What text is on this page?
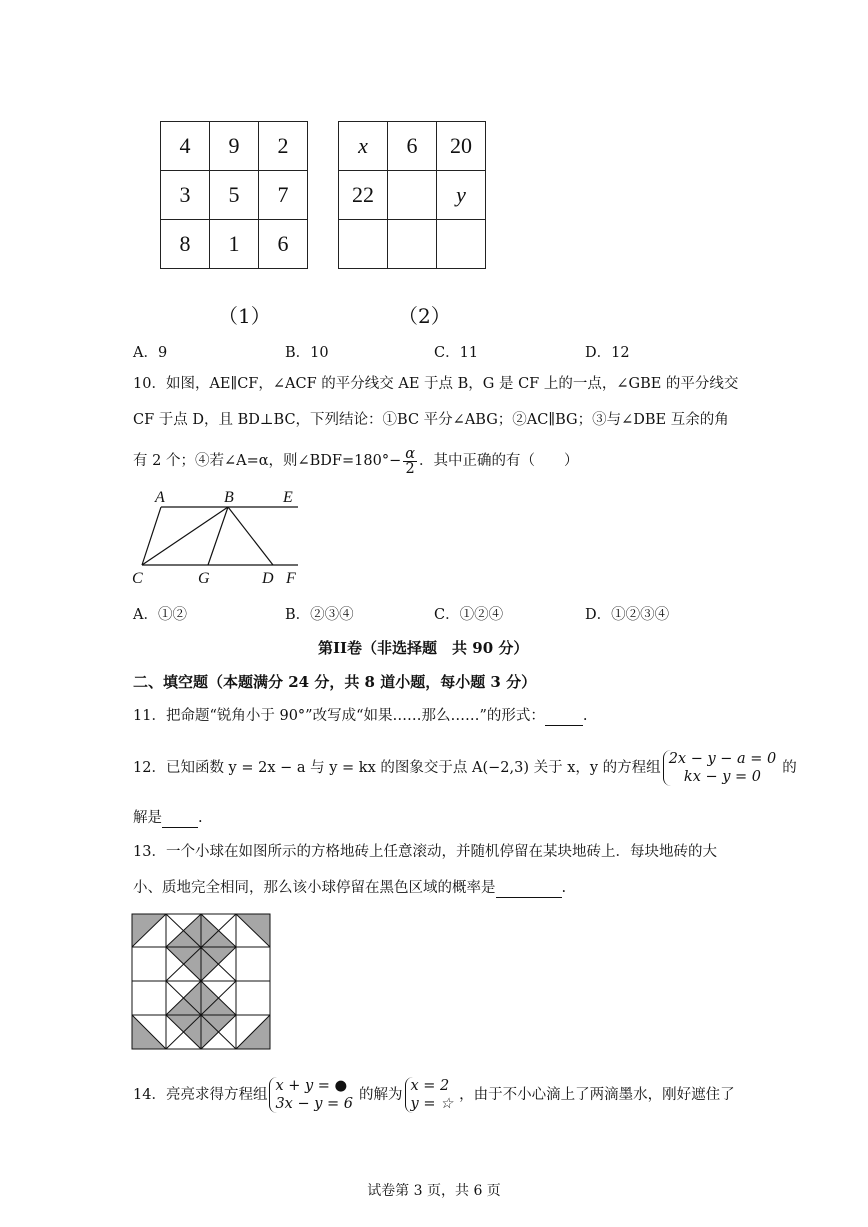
4	9	2
3	5	7
8	1	6
（1）
x	6	20
22		y

（2）
A．9	B．10	C．11	D．12
10．如图，AE∥CF，∠ACF 的平分线交 AE 于点 B，G 是 CF 上的一点，∠GBE 的平分线交
CF 于点 D，且 BD⊥BC，下列结论：①BC 平分∠ABG；②AC∥BG；③与∠DBE 互余的角
有 2 个；④若∠A=α，则∠BDF=180°− $\frac{\alpha}{2}$ ．其中正确的有（　　）
A	B	E
C	G	D F
A．①②	B．②③④	C．①②④	D．①②③④
第II卷（非选择题　共 90 分）
二、填空题（本题满分 24 分，共 8 道小题，每小题 3 分）
11．把命题“锐角小于 90°”改写成“如果……那么……”的形式：	.
12．已知函数 y = 2x − a 与 y = kx 的图象交于点 A(−2,3) 关于 x，y 的方程组
2x − y − a = 0
kx − y = 0
的
解是 .
13．一个小球在如图所示的方格地砖上任意滚动，并随机停留在某块地砖上．每块地砖的大
小、质地完全相同，那么该小球停留在黑色区域的概率是	.
14．亮亮求得方程组
x + y = ●
3x − y = 6
的解为
x = 2
y = ☆
，由于不小心滴上了两滴墨水，刚好遮住了
试卷第 3 页，共 6 页
